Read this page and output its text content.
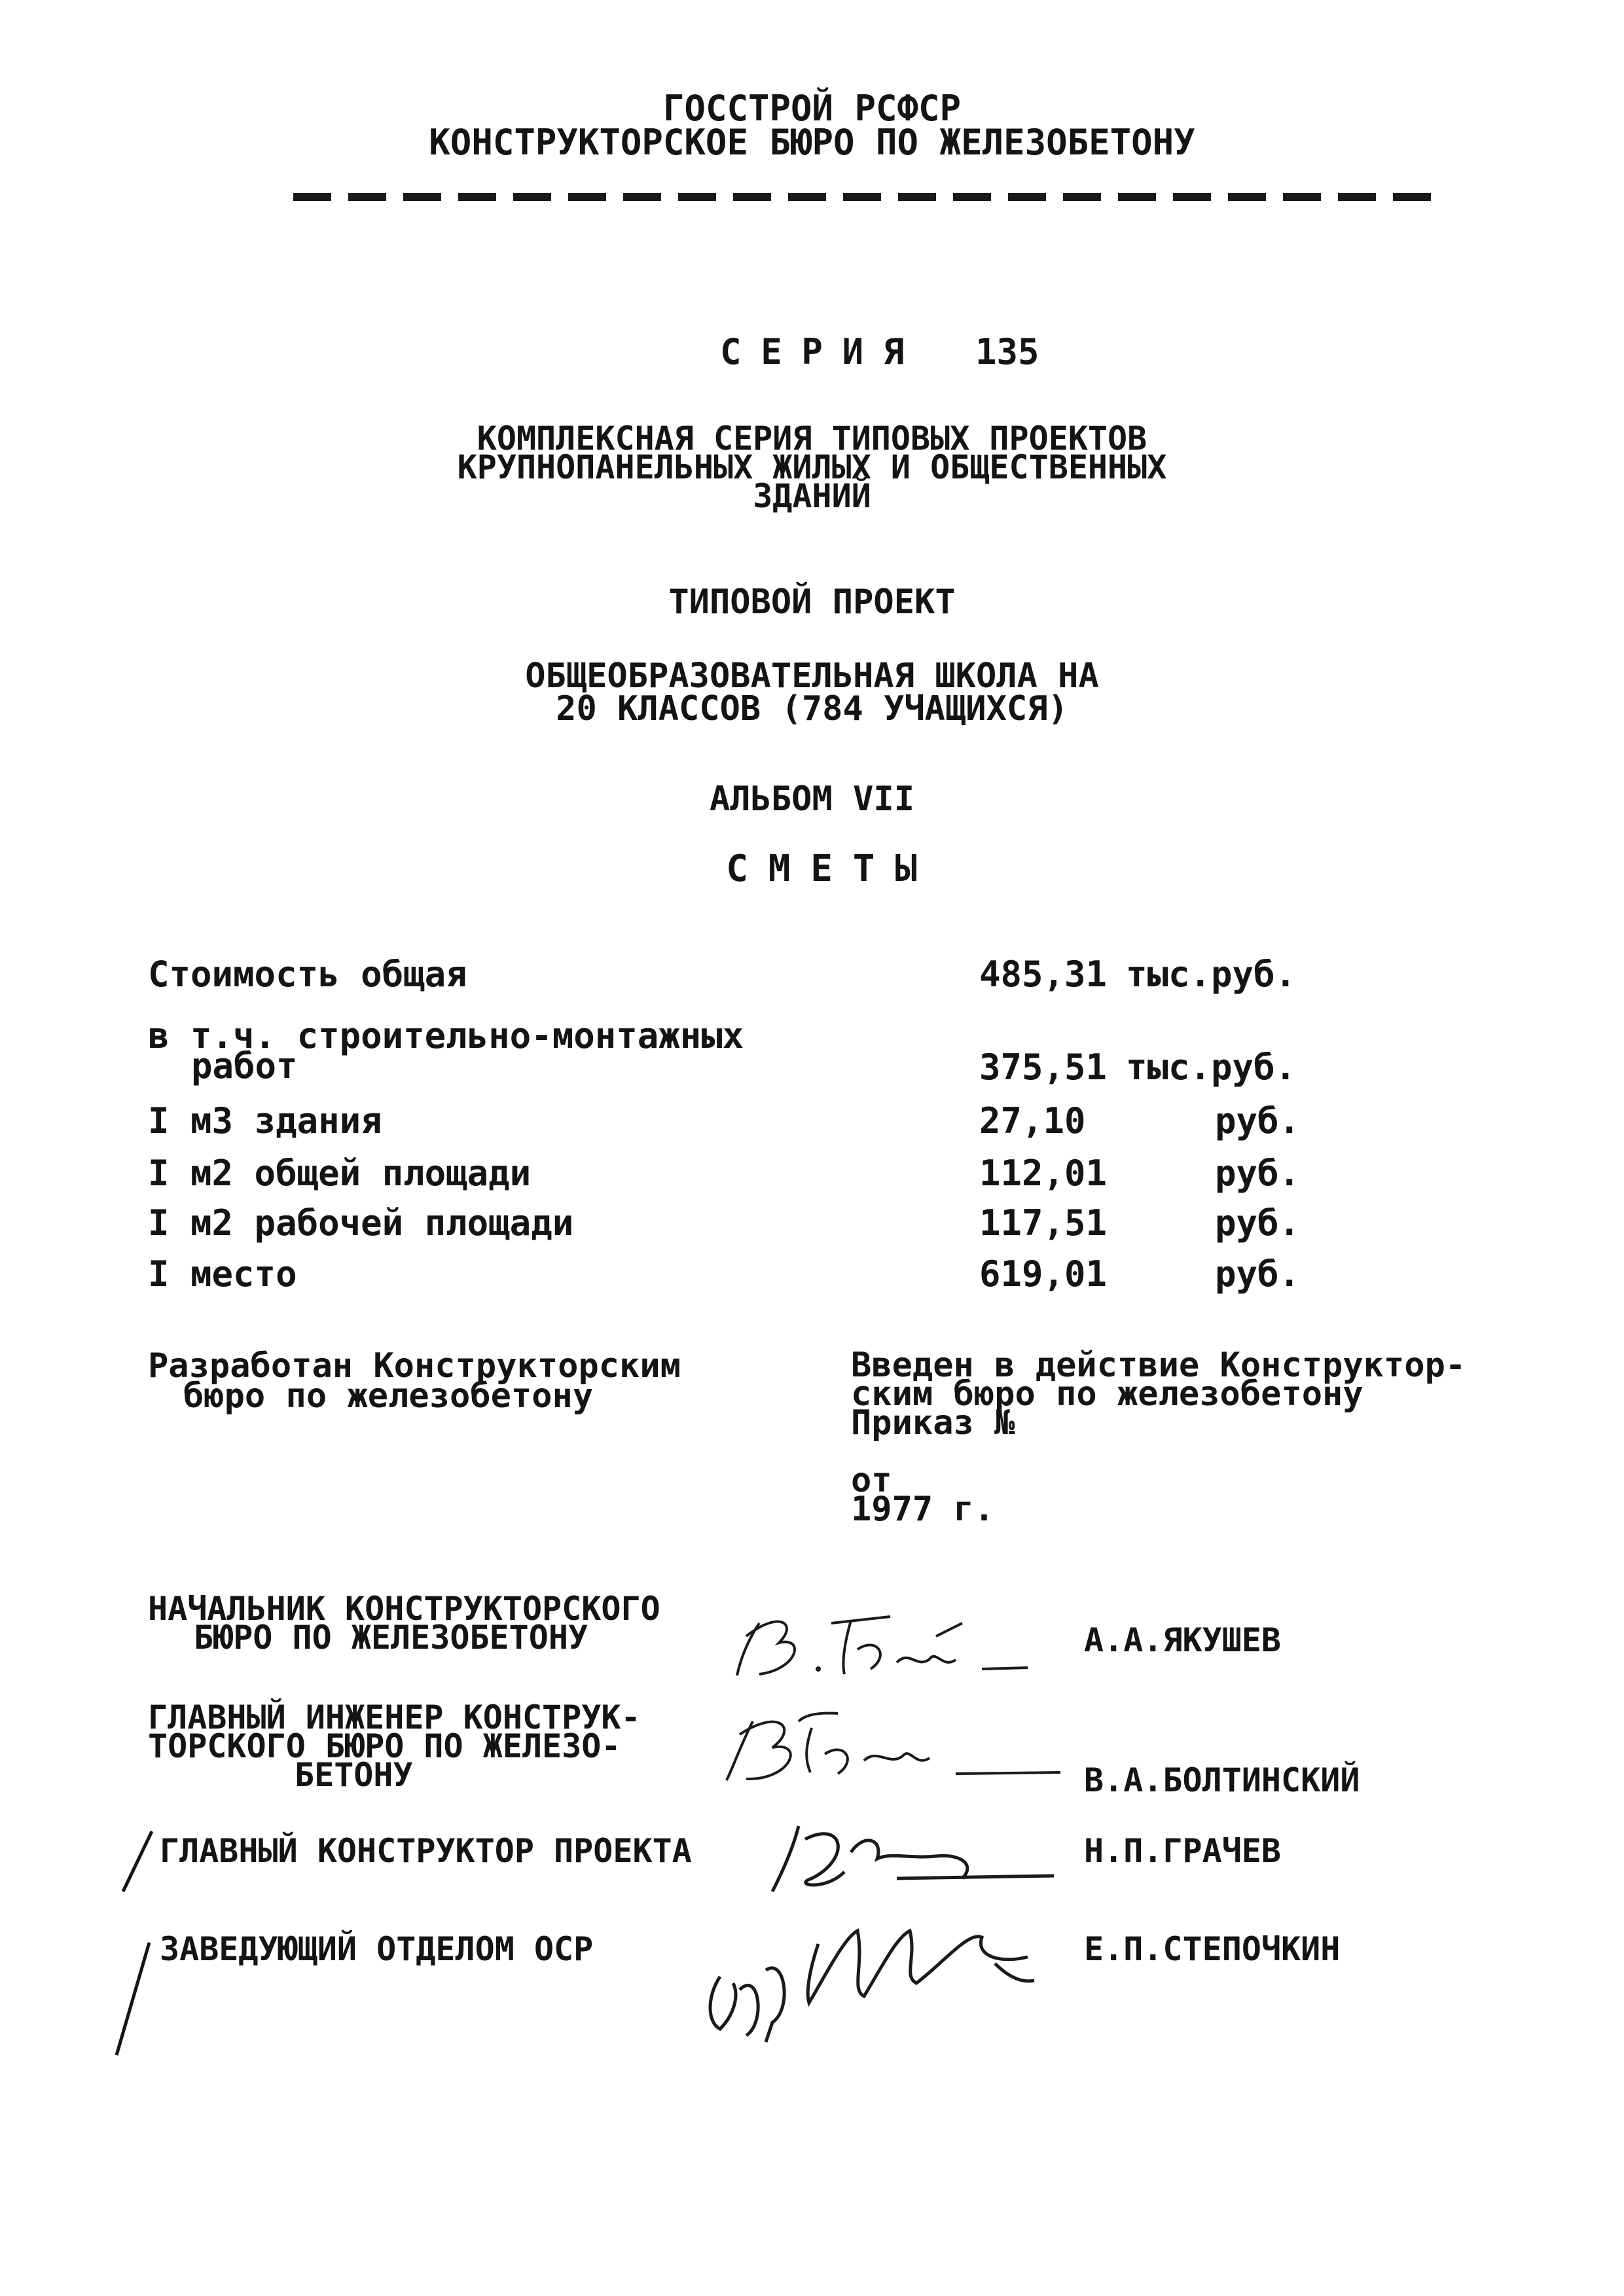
ГОССТРОЙ РСФСР
КОНСТРУКТОРСКОЕ БЮРО ПО ЖЕЛЕЗОБЕТОНУ
СЕРИЯ 135
КОМПЛЕКСНАЯ СЕРИЯ ТИПОВЫХ ПРОЕКТОВ
КРУПНОПАНЕЛЬНЫХ ЖИЛЫХ И ОБЩЕСТВЕННЫХ
ЗДАНИЙ
ТИПОВОЙ ПРОЕКТ
ОБЩЕОБРАЗОВАТЕЛЬНАЯ ШКОЛА НА
20 КЛАССОВ (784 УЧАЩИХСЯ)
АЛЬБОМ VII
СМЕТЫ
Стоимость общая	485,31 тыс.руб.
в т.ч. строительно-монтажных
работ	375,51 тыс.руб.
I м3 здания	27,10	руб.
I м2 общей площади	112,01	руб.
I м2 рабочей площади	117,51	руб.
I место	619,01	руб.
Разработан Конструкторским
бюро по железобетону
Введен в действие Конструктор-
ским бюро по железобетону
Приказ №
от
1977 г.
НАЧАЛЬНИК КОНСТРУКТОРСКОГО
БЮРО ПО ЖЕЛЕЗОБЕТОНУ	А.А.ЯКУШЕВ
ГЛАВНЫЙ ИНЖЕНЕР КОНСТРУК-
ТОРСКОГО БЮРО ПО ЖЕЛЕЗО-
БЕТОНУ	В.А.БОЛТИНСКИЙ
ГЛАВНЫЙ КОНСТРУКТОР ПРОЕКТА	Н.П.ГРАЧЕВ
ЗАВЕДУЮЩИЙ ОТДЕЛОМ ОСР	Е.П.СТЕПОЧКИН
